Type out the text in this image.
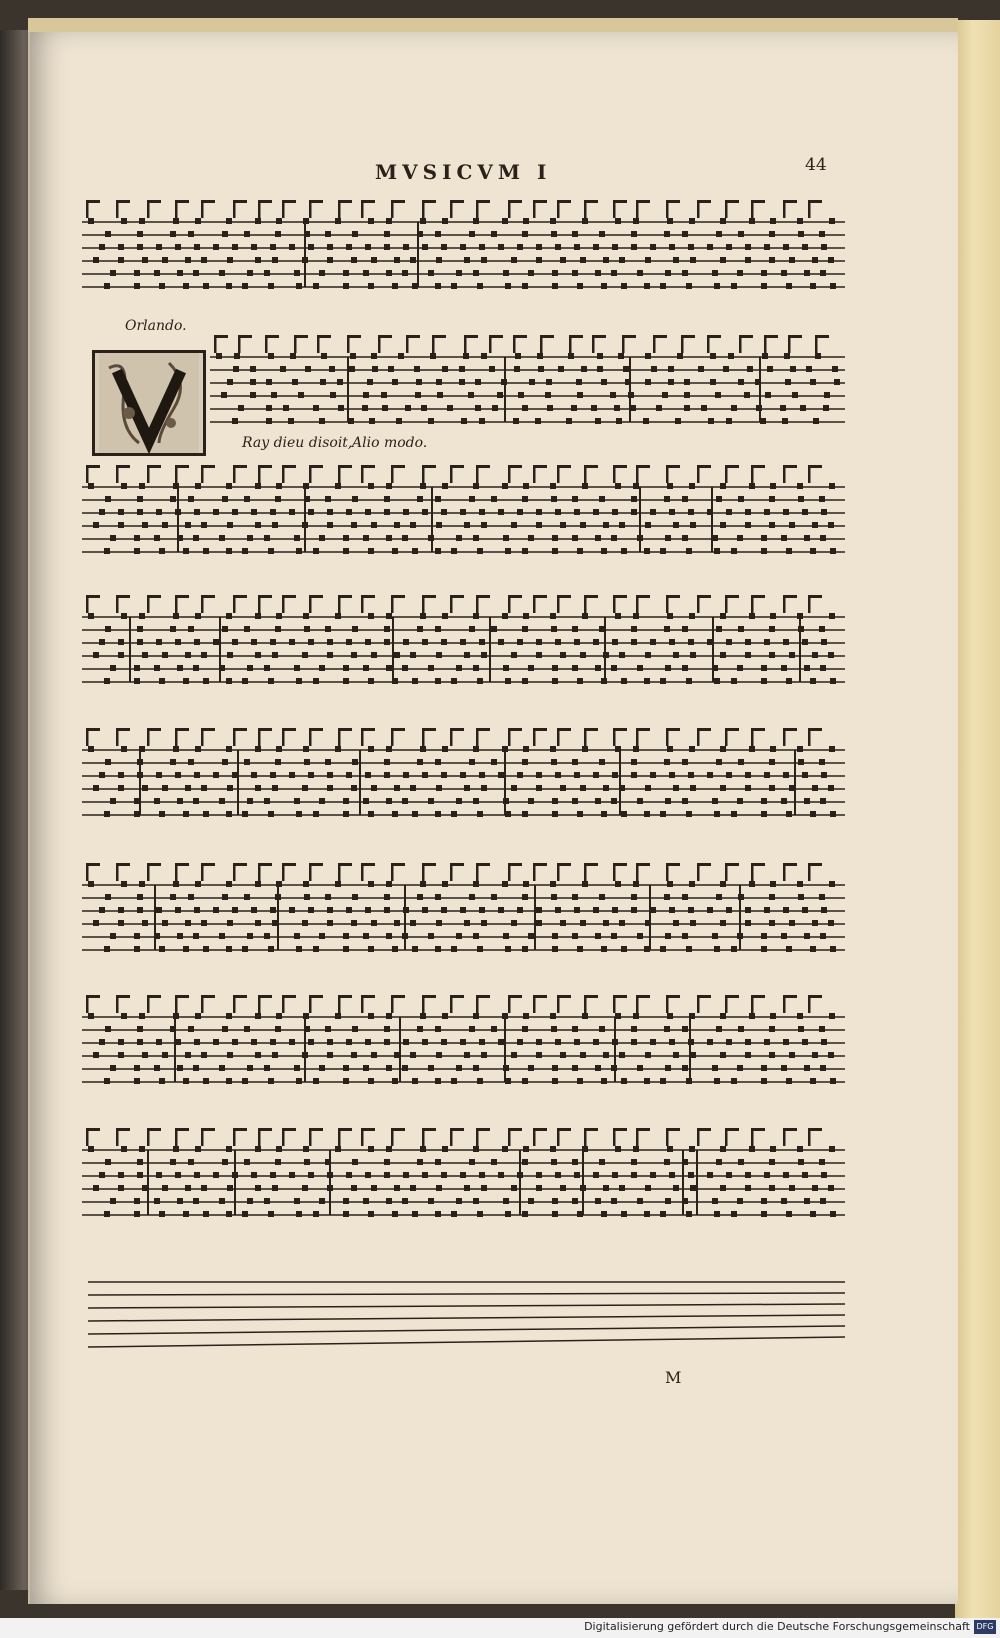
MVSICVM I	44
Orlando.
Ray dieu disoit, Alio modo.
M
Digitalisierung gefördert durch die Deutsche Forschungsgemeinschaft DFG
